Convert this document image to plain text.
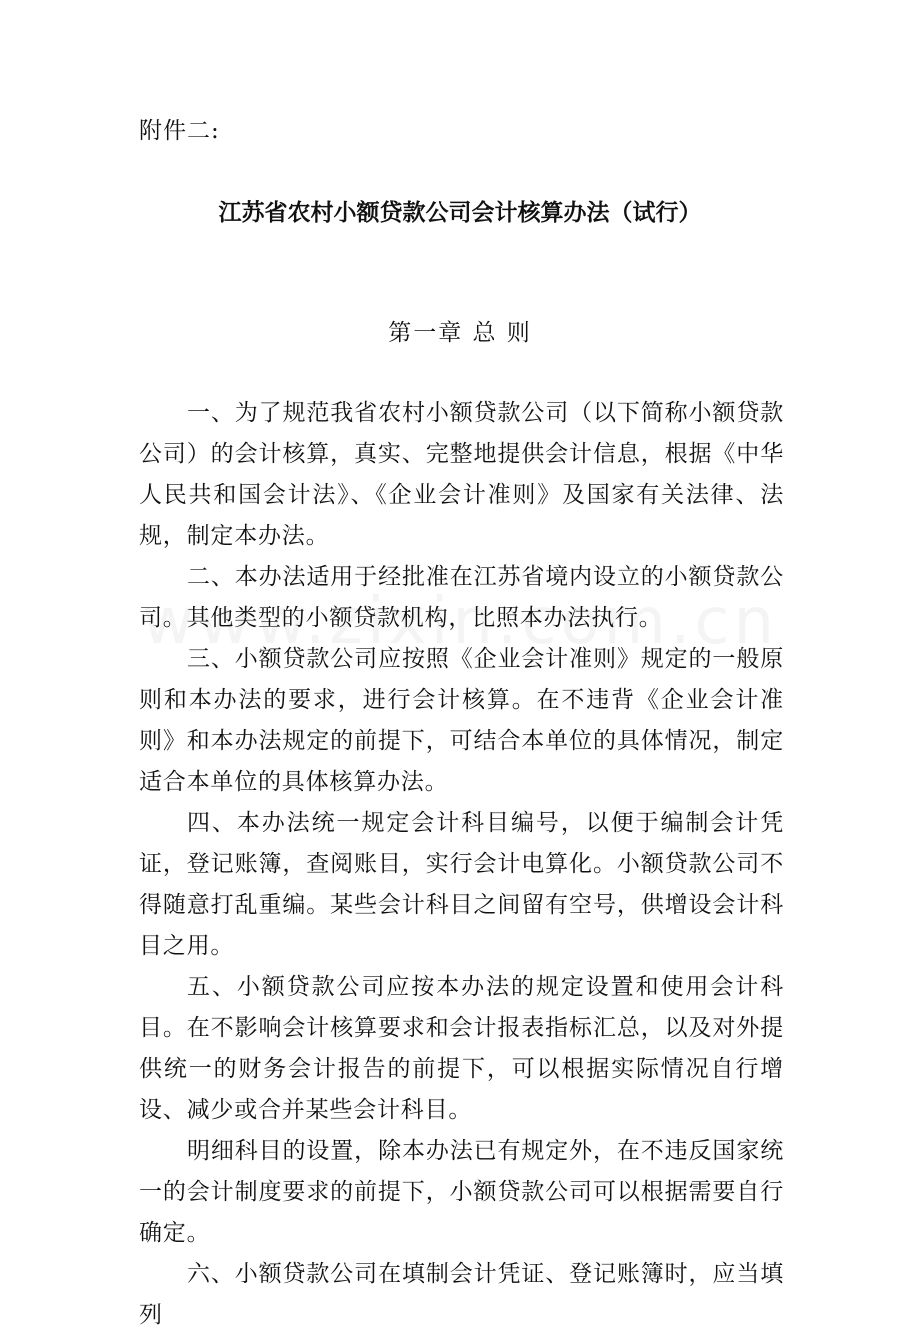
附件二:
江苏省农村小额贷款公司会计核算办法（试行）
第一章 总 则

一、为了规范我省农村小额贷款公司（以下简称小额贷款公司）的会计核算，真实、完整地提供会计信息，根据《中华人民共和国会计法》、《企业会计准则》及国家有关法律、法规，制定本办法。

二、本办法适用于经批准在江苏省境内设立的小额贷款公司。其他类型的小额贷款机构，比照本办法执行。

三、小额贷款公司应按照《企业会计准则》规定的一般原则和本办法的要求，进行会计核算。在不违背《企业会计准则》和本办法规定的前提下，可结合本单位的具体情况，制定适合本单位的具体核算办法。

四、本办法统一规定会计科目编号，以便于编制会计凭证，登记账簿，查阅账目，实行会计电算化。小额贷款公司不得随意打乱重编。某些会计科目之间留有空号，供增设会计科目之用。

五、小额贷款公司应按本办法的规定设置和使用会计科目。在不影响会计核算要求和会计报表指标汇总，以及对外提供统一的财务会计报告的前提下，可以根据实际情况自行增设、减少或合并某些会计科目。

明细科目的设置，除本办法已有规定外，在不违反国家统一的会计制度要求的前提下，小额贷款公司可以根据需要自行确定。

六、小额贷款公司在填制会计凭证、登记账簿时，应当填列
